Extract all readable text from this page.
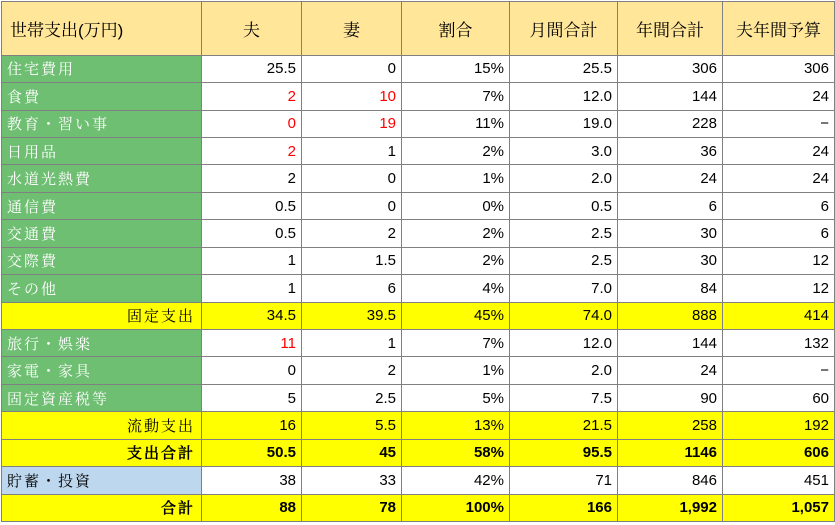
世帯支出(万円)	夫	妻	割合	月間合計	年間合計	夫年間予算
住宅費用	25.5	0	15%	25.5	306	306
食費	2	10	7%	12.0	144	24
教育・習い事	0	19	11%	19.0	228	−
日用品	2	1	2%	3.0	36	24
水道光熱費	2	0	1%	2.0	24	24
通信費	0.5	0	0%	0.5	6	6
交通費	0.5	2	2%	2.5	30	6
交際費	1	1.5	2%	2.5	30	12
その他	1	6	4%	7.0	84	12
固定支出	34.5	39.5	45%	74.0	888	414
旅行・娯楽	11	1	7%	12.0	144	132
家電・家具	0	2	1%	2.0	24	−
固定資産税等	5	2.5	5%	7.5	90	60
流動支出	16	5.5	13%	21.5	258	192
支出合計	50.5	45	58%	95.5	1146	606
貯蓄・投資	38	33	42%	71	846	451
合計	88	78	100%	166	1,992	1,057
